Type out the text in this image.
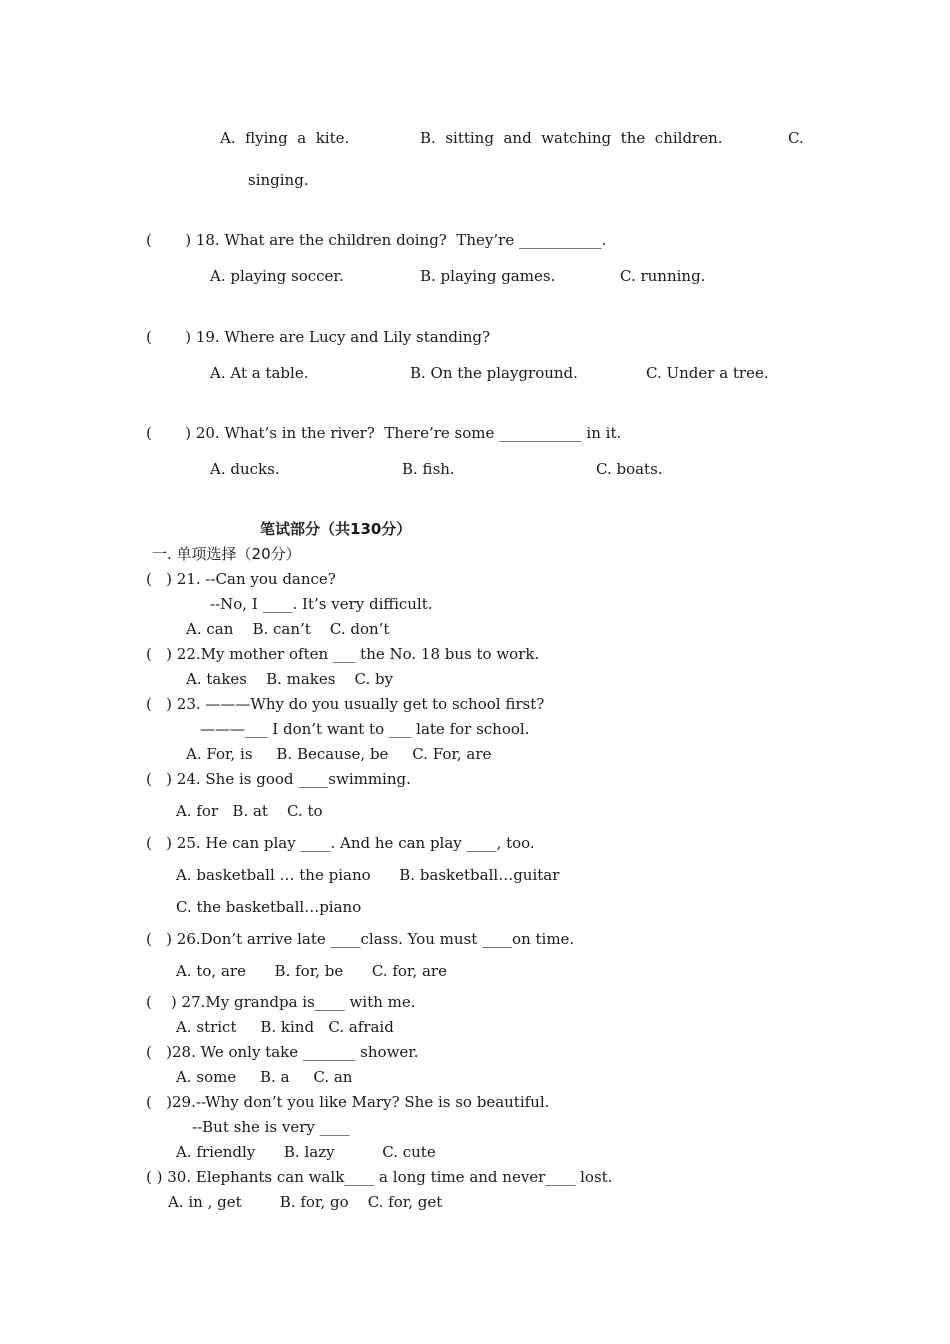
A.  flying  a  kite.	B.  sitting  and  watching  the  children.	C.
singing.
(       ) 18. What are the children doing?  They’re ___________.
A. playing soccer.	B. playing games.	C. running.
(       ) 19. Where are Lucy and Lily standing?
A. At a table.	B. On the playground.	C. Under a tree.
(       ) 20. What’s in the river?  There’re some ___________ in it.
A. ducks.	B. fish.	C. boats.
笔试部分（共130分）
一. 单项选择（20分）
(   ) 21. --Can you dance?
--No, I ____. It’s very difficult.
A. can    B. can’t    C. don’t
(   ) 22.My mother often ___ the No. 18 bus to work.
A. takes    B. makes    C. by
(   ) 23. ———Why do you usually get to school first?
———___ I don’t want to ___ late for school.
A. For, is     B. Because, be     C. For, are
(   ) 24. She is good ____swimming.
A. for   B. at    C. to
(   ) 25. He can play ____. And he can play ____, too.
A. basketball … the piano      B. basketball…guitar
C. the basketball…piano
(   ) 26.Don’t arrive late ____class. You must ____on time.
A. to, are      B. for, be      C. for, are
(    ) 27.My grandpa is____ with me.
A. strict     B. kind   C. afraid
(   )28. We only take _______ shower.
A. some     B. a     C. an
(   )29.--Why don’t you like Mary? She is so beautiful.
--But she is very ____
A. friendly      B. lazy          C. cute
( ) 30. Elephants can walk____ a long time and never____ lost.
A. in , get        B. for, go    C. for, get
